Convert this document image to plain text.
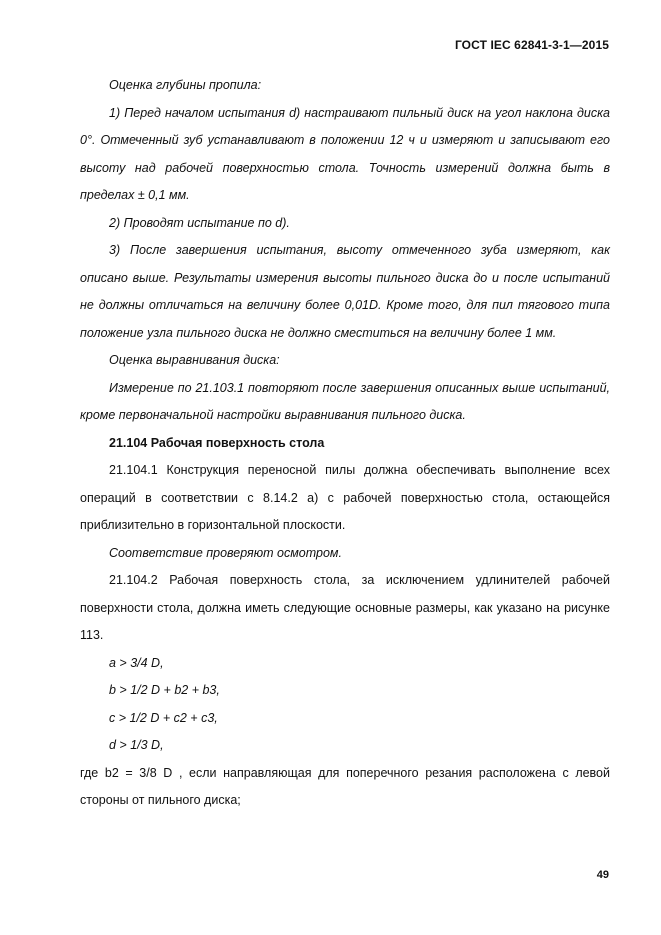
ГОСТ IEC 62841-3-1—2015

Оценка глубины пропила:

1) Перед началом испытания d) настраивают пильный диск на угол наклона диска 0°. Отмеченный зуб устанавливают в положении 12 ч и измеряют и записывают его высоту над рабочей поверхностью стола. Точность измерений должна быть в пределах ± 0,1 мм.

2) Проводят испытание по d).

3) После завершения испытания, высоту отмеченного зуба измеряют, как описано выше. Результаты измерения высоты пильного диска до и после испытаний не должны отличаться на величину более 0,01D. Кроме того, для пил тягового типа положение узла пильного диска не должно сместиться на величину более 1 мм.

Оценка выравнивания диска:

Измерение по 21.103.1 повторяют после завершения описанных выше испытаний, кроме первоначальной настройки выравнивания пильного диска.

21.104 Рабочая поверхность стола

21.104.1 Конструкция переносной пилы должна обеспечивать выполнение всех операций в соответствии с 8.14.2 а) с рабочей поверхностью стола, остающейся приблизительно в горизонтальной плоскости.

Соответствие проверяют осмотром.

21.104.2 Рабочая поверхность стола, за исключением удлинителей рабочей поверхности стола, должна иметь следующие основные размеры, как указано на рисунке 113.

a > 3/4 D,

b > 1/2 D + b2 + b3,

c > 1/2 D + c2 + c3,

d > 1/3 D,

где b2 = 3/8 D , если направляющая для поперечного резания расположена с левой стороны от пильного диска;

49
